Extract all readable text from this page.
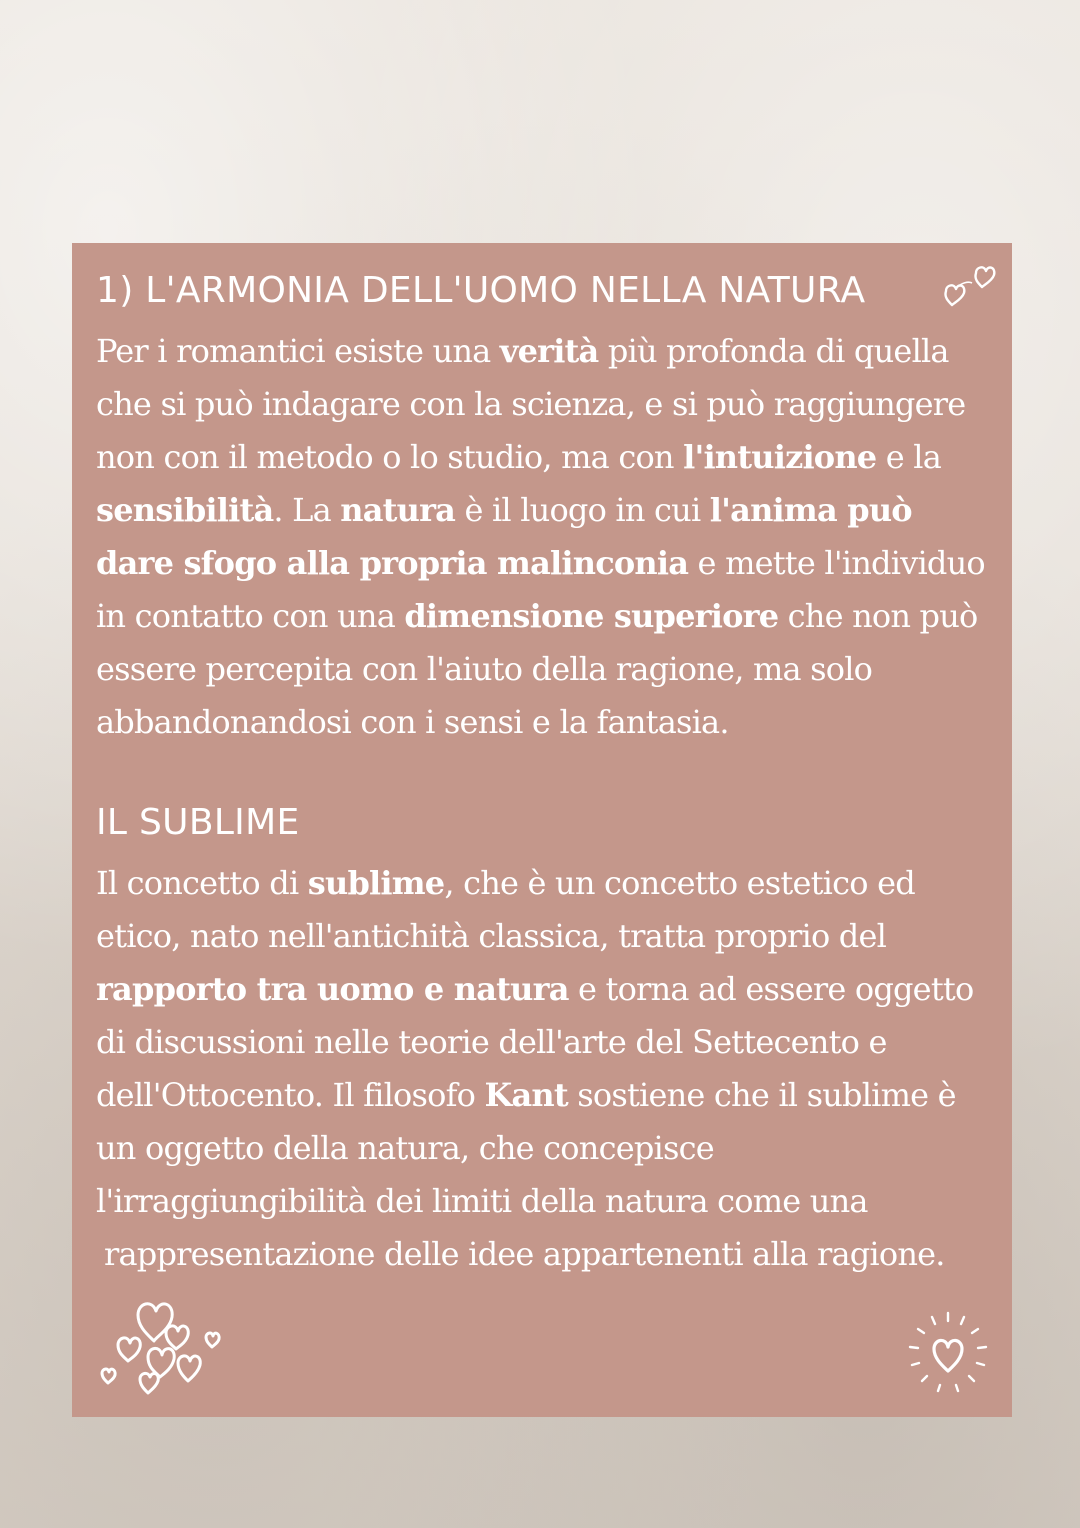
1) L'ARMONIA DELL'UOMO NELLA NATURA

Per i romantici esiste una verità più profonda di quella
che si può indagare con la scienza, e si può raggiungere
non con il metodo o lo studio, ma con l'intuizione e la
sensibilità. La natura è il luogo in cui l'anima può
dare sfogo alla propria malinconia e mette l'individuo
in contatto con una dimensione superiore che non può
essere percepita con l'aiuto della ragione, ma solo
abbandonandosi con i sensi e la fantasia.

IL SUBLIME

Il concetto di sublime, che è un concetto estetico ed
etico, nato nell'antichità classica, tratta proprio del
rapporto tra uomo e natura e torna ad essere oggetto
di discussioni nelle teorie dell'arte del Settecento e
dell'Ottocento. Il filosofo Kant sostiene che il sublime è
un oggetto della natura, che concepisce
l'irraggiungibilità dei limiti della natura come una
rappresentazione delle idee appartenenti alla ragione.
